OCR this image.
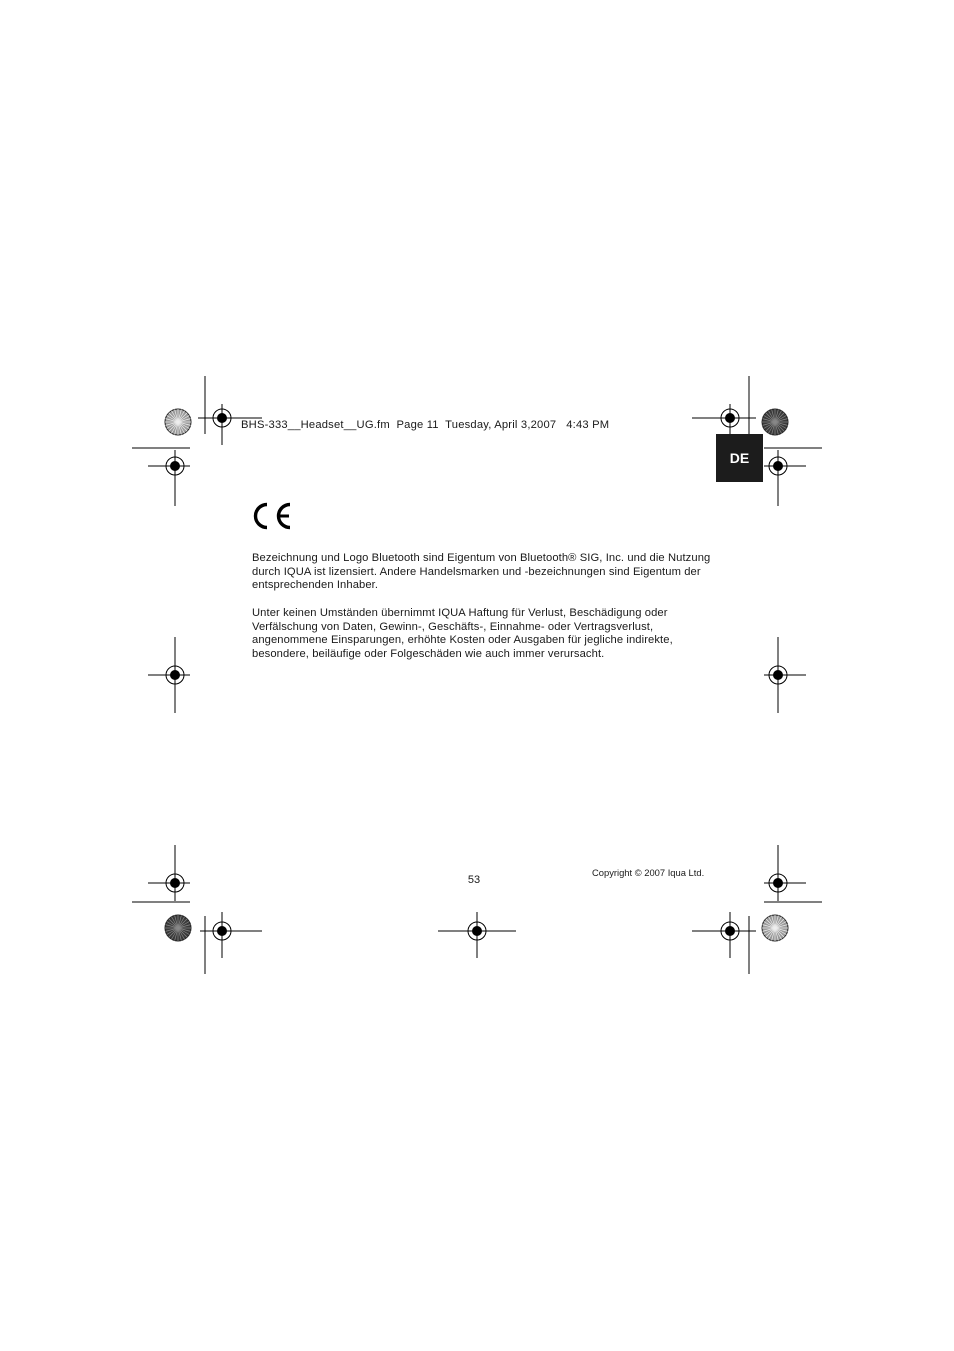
BHS-333__Headset__UG.fm  Page 11  Tuesday, April 3,2007   4:43 PM
DE
Bezeichnung und Logo Bluetooth sind Eigentum von Bluetooth® SIG, Inc. und die Nutzung durch IQUA ist lizensiert. Andere Handelsmarken und -bezeichnungen sind Eigentum der entsprechenden Inhaber.
Unter keinen Umständen übernimmt IQUA Haftung für Verlust, Beschädigung oder Verfälschung von Daten, Gewinn-, Geschäfts-, Einnahme- oder Vertragsverlust, angenommene Einsparungen, erhöhte Kosten oder Ausgaben für jegliche indirekte, besondere, beiläufige oder Folgeschäden wie auch immer verursacht.
53
Copyright © 2007 Iqua Ltd.
